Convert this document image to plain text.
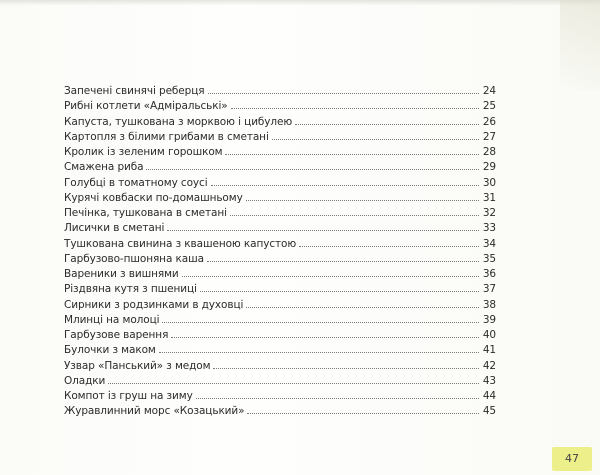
Запечені свинячі реберця	24
Рибні котлети «Адміральські»	25
Капуста, тушкована з морквою і цибулею	26
Картопля з білими грибами в сметані	27
Кролик із зеленим горошком	28
Смажена риба	29
Голубці в томатному соусі	30
Курячі ковбаски по-домашньому	31
Печінка, тушкована в сметані	32
Лисички в сметані	33
Тушкована свинина з квашеною капустою	34
Гарбузово-пшоняна каша	35
Вареники з вишнями	36
Різдвяна кутя з пшениці	37
Сирники з родзинками в духовці	38
Млинці на молоці	39
Гарбузове варення	40
Булочки з маком	41
Узвар «Панський» з медом	42
Оладки	43
Компот із груш на зиму	44
Журавлинний морс «Козацький»	45
47
